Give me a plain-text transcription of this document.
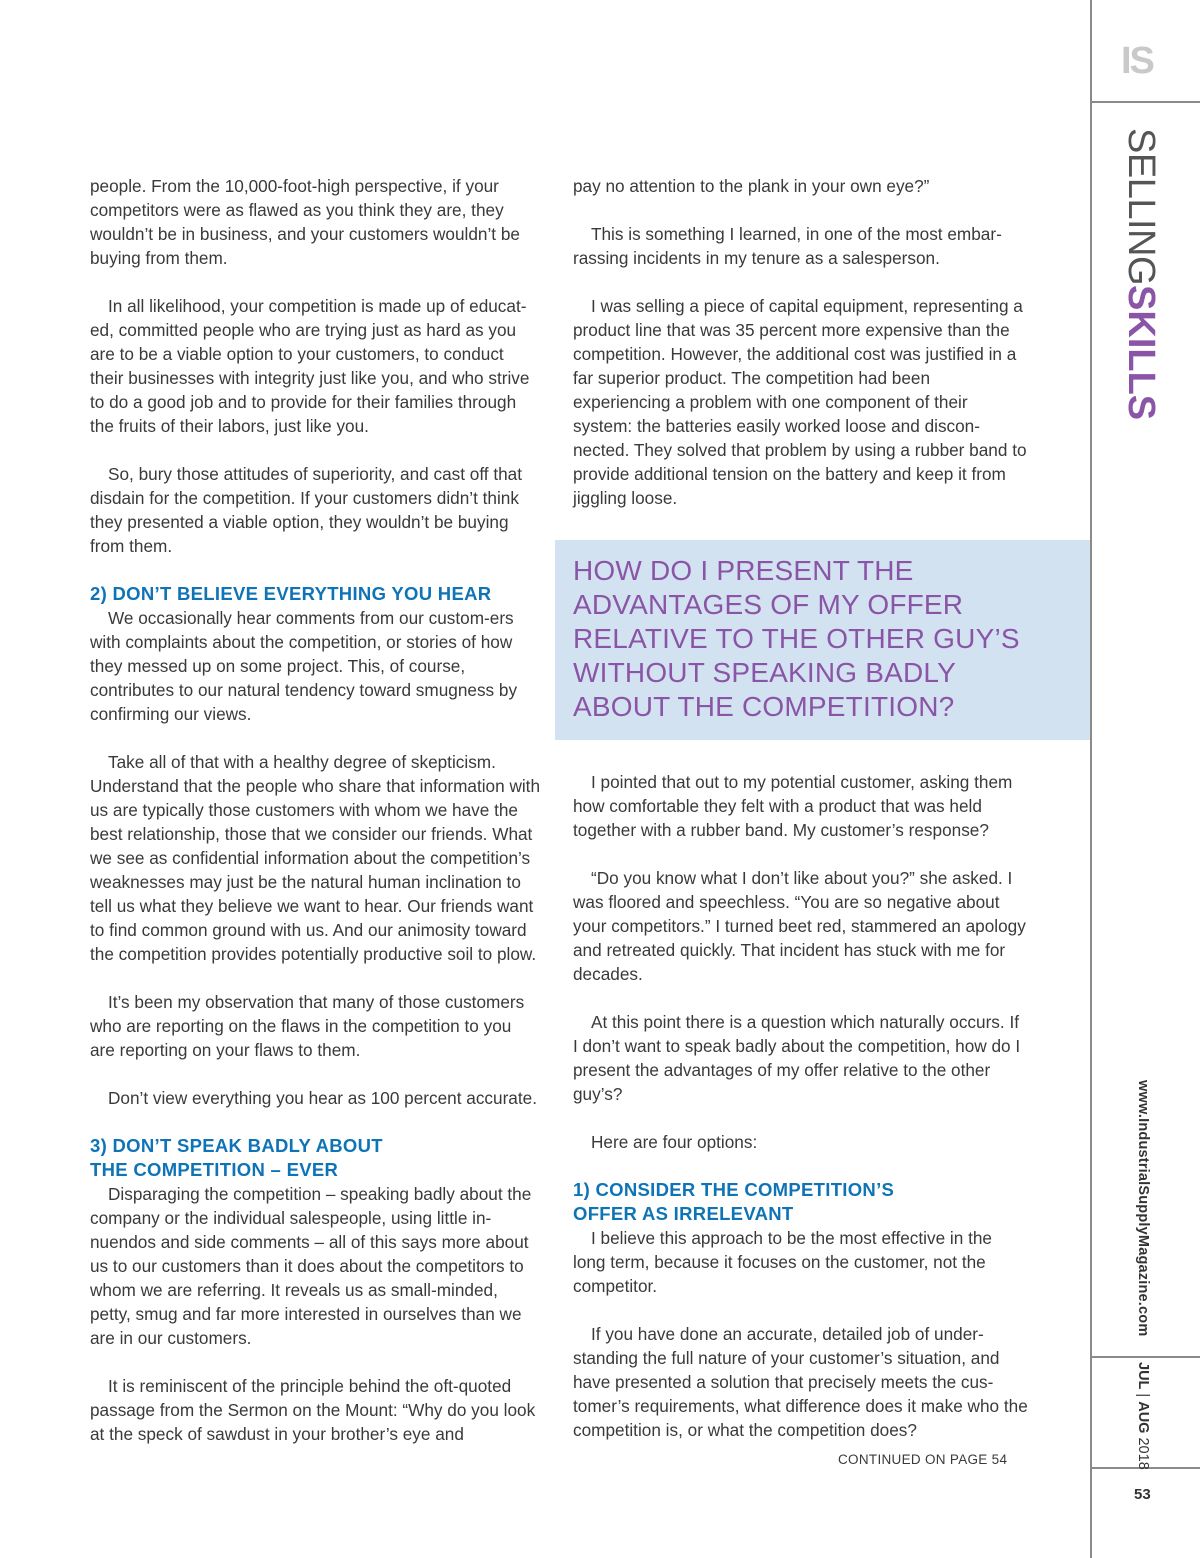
people. From the 10,000-foot-high perspective, if your competitors were as flawed as you think they are, they wouldn’t be in business, and your customers wouldn’t be buying from them.

In all likelihood, your competition is made up of educat-ed, committed people who are trying just as hard as you are to be a viable option to your customers, to conduct their businesses with integrity just like you, and who strive to do a good job and to provide for their families through the fruits of their labors, just like you.

So, bury those attitudes of superiority, and cast off that disdain for the competition. If your customers didn’t think they presented a viable option, they wouldn’t be buying from them.

2) DON’T BELIEVE EVERYTHING YOU HEAR

We occasionally hear comments from our custom-ers with complaints about the competition, or stories of how they messed up on some project. This, of course, contributes to our natural tendency toward smugness by confirming our views.

Take all of that with a healthy degree of skepticism. Understand that the people who share that information with us are typically those customers with whom we have the best relationship, those that we consider our friends. What we see as confidential information about the competition’s weaknesses may just be the natural human inclination to tell us what they believe we want to hear. Our friends want to find common ground with us. And our animosity toward the competition provides potentially productive soil to plow.

It’s been my observation that many of those customers who are reporting on the flaws in the competition to you are reporting on your flaws to them.

Don’t view everything you hear as 100 percent accurate.

3) DON’T SPEAK BADLY ABOUT
THE COMPETITION – EVER

Disparaging the competition – speaking badly about the company or the individual salespeople, using little in-nuendos and side comments – all of this says more about us to our customers than it does about the competitors to whom we are referring. It reveals us as small-minded, petty, smug and far more interested in ourselves than we are in our customers.

It is reminiscent of the principle behind the oft-quoted passage from the Sermon on the Mount: “Why do you look at the speck of sawdust in your brother’s eye and

pay no attention to the plank in your own eye?”

This is something I learned, in one of the most embar-rassing incidents in my tenure as a salesperson.

I was selling a piece of capital equipment, representing a product line that was 35 percent more expensive than the competition. However, the additional cost was justified in a far superior product. The competition had been experiencing a problem with one component of their system: the batteries easily worked loose and discon-nected. They solved that problem by using a rubber band to provide additional tension on the battery and keep it from jiggling loose.

HOW DO I PRESENT THE
ADVANTAGES OF MY OFFER
RELATIVE TO THE OTHER GUY’S
WITHOUT SPEAKING BADLY
ABOUT THE COMPETITION?

I pointed that out to my potential customer, asking them how comfortable they felt with a product that was held together with a rubber band. My customer’s response?

“Do you know what I don’t like about you?” she asked. I was floored and speechless. “You are so negative about your competitors.” I turned beet red, stammered an apology and retreated quickly. That incident has stuck with me for decades.

At this point there is a question which naturally occurs. If I don’t want to speak badly about the competition, how do I present the advantages of my offer relative to the other guy’s?

Here are four options:

1) CONSIDER THE COMPETITION’S
OFFER AS IRRELEVANT

I believe this approach to be the most effective in the long term, because it focuses on the customer, not the competitor.

If you have done an accurate, detailed job of under-standing the full nature of your customer’s situation, and have presented a solution that precisely meets the cus-tomer’s requirements, what difference does it make who the competition is, or what the competition does?

CONTINUED ON PAGE 54
IS
SELLINGSKILLS
www.IndustrialSupplyMagazine.com
JUL | AUG 2018
53
